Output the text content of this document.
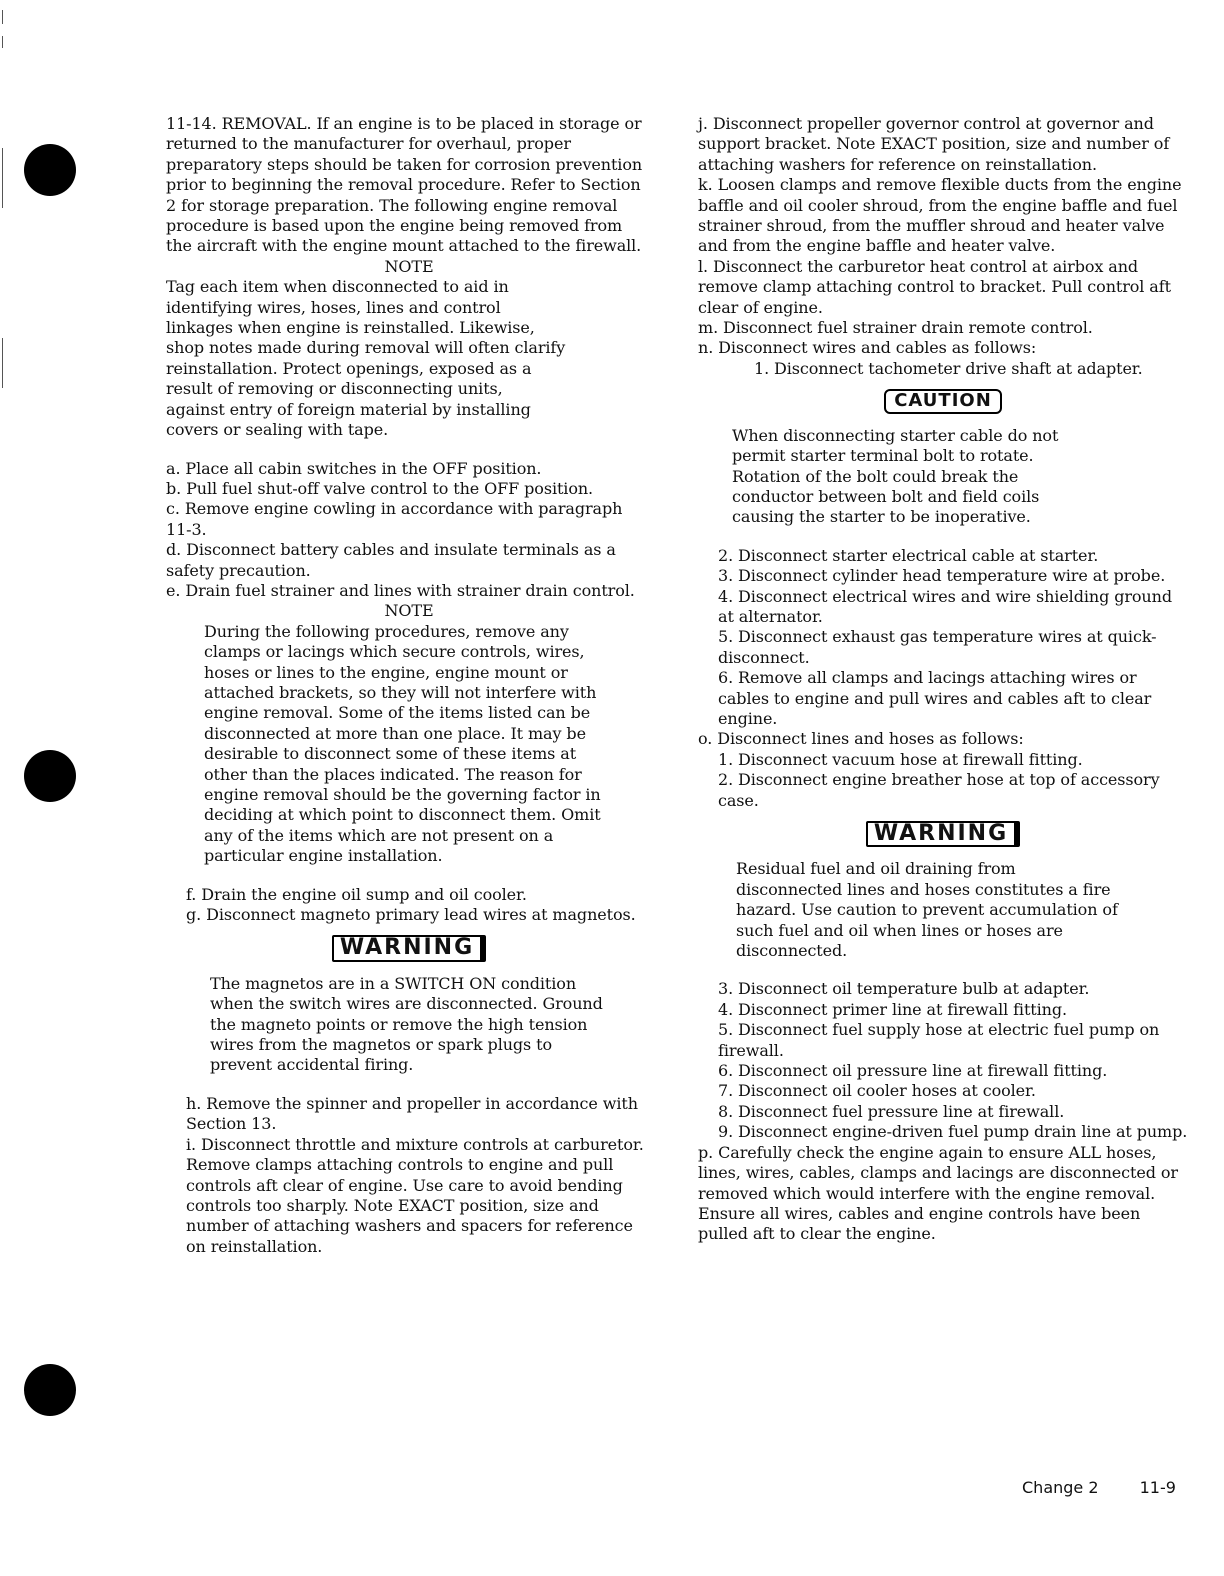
11-14. REMOVAL. If an engine is to be placed in storage or returned to the manufacturer for overhaul, proper preparatory steps should be taken for corrosion prevention prior to beginning the removal procedure. Refer to Section 2 for storage preparation. The following engine removal procedure is based upon the engine being removed from the aircraft with the engine mount attached to the firewall.

NOTE

Tag each item when disconnected to aid in identifying wires, hoses, lines and control linkages when engine is reinstalled. Likewise, shop notes made during removal will often clarify reinstallation. Protect openings, exposed as a result of removing or disconnecting units, against entry of foreign material by installing covers or sealing with tape.

a. Place all cabin switches in the OFF position.

b. Pull fuel shut-off valve control to the OFF position.

c. Remove engine cowling in accordance with paragraph 11-3.

d. Disconnect battery cables and insulate terminals as a safety precaution.

e. Drain fuel strainer and lines with strainer drain control.

NOTE

During the following procedures, remove any clamps or lacings which secure controls, wires, hoses or lines to the engine, engine mount or attached brackets, so they will not interfere with engine removal. Some of the items listed can be disconnected at more than one place. It may be desirable to disconnect some of these items at other than the places indicated. The reason for engine removal should be the governing factor in deciding at which point to disconnect them. Omit any of the items which are not present on a particular engine installation.

f. Drain the engine oil sump and oil cooler.

g. Disconnect magneto primary lead wires at magnetos.

WARNING

The magnetos are in a SWITCH ON condition when the switch wires are disconnected. Ground the magneto points or remove the high tension wires from the magnetos or spark plugs to prevent accidental firing.

h. Remove the spinner and propeller in accordance with Section 13.

i. Disconnect throttle and mixture controls at carburetor. Remove clamps attaching controls to engine and pull controls aft clear of engine. Use care to avoid bending controls too sharply. Note EXACT position, size and number of attaching washers and spacers for reference on reinstallation.

j. Disconnect propeller governor control at governor and support bracket. Note EXACT position, size and number of attaching washers for reference on reinstallation.

k. Loosen clamps and remove flexible ducts from the engine baffle and oil cooler shroud, from the engine baffle and fuel strainer shroud, from the muffler shroud and heater valve and from the engine baffle and heater valve.

l. Disconnect the carburetor heat control at airbox and remove clamp attaching control to bracket. Pull control aft clear of engine.

m. Disconnect fuel strainer drain remote control.

n. Disconnect wires and cables as follows:

1. Disconnect tachometer drive shaft at adapter.

CAUTION

When disconnecting starter cable do not permit starter terminal bolt to rotate. Rotation of the bolt could break the conductor between bolt and field coils causing the starter to be inoperative.

2. Disconnect starter electrical cable at starter.

3. Disconnect cylinder head temperature wire at probe.

4. Disconnect electrical wires and wire shielding ground at alternator.

5. Disconnect exhaust gas temperature wires at quick-disconnect.

6. Remove all clamps and lacings attaching wires or cables to engine and pull wires and cables aft to clear engine.

o. Disconnect lines and hoses as follows:

1. Disconnect vacuum hose at firewall fitting.

2. Disconnect engine breather hose at top of accessory case.

WARNING

Residual fuel and oil draining from disconnected lines and hoses constitutes a fire hazard. Use caution to prevent accumulation of such fuel and oil when lines or hoses are disconnected.

3. Disconnect oil temperature bulb at adapter.

4. Disconnect primer line at firewall fitting.

5. Disconnect fuel supply hose at electric fuel pump on firewall.

6. Disconnect oil pressure line at firewall fitting.

7. Disconnect oil cooler hoses at cooler.

8. Disconnect fuel pressure line at firewall.

9. Disconnect engine-driven fuel pump drain line at pump.

p. Carefully check the engine again to ensure ALL hoses, lines, wires, cables, clamps and lacings are disconnected or removed which would interfere with the engine removal. Ensure all wires, cables and engine controls have been pulled aft to clear the engine.

Change 2	11-9
